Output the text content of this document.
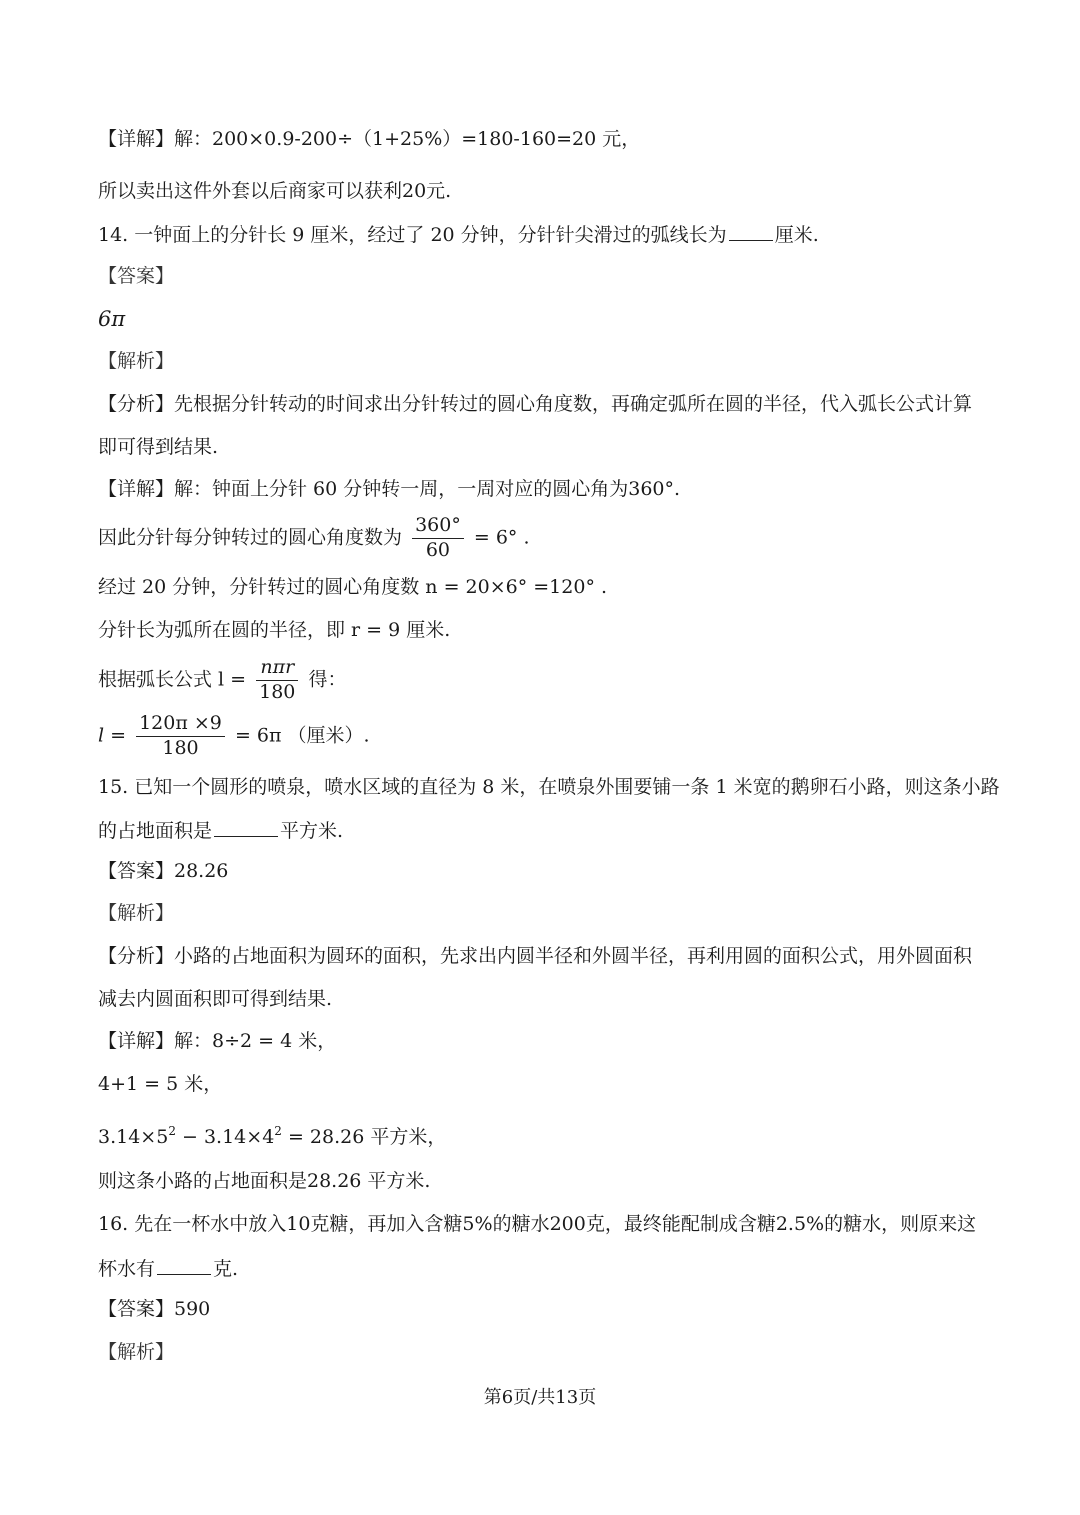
【详解】解：200×0.9-200÷（1+25%）=180-160=20 元，
所以卖出这件外套以后商家可以获利20元.
14. 一钟面上的分针长 9 厘米，经过了 20 分钟，分针针尖滑过的弧线长为	厘米.
【答案】
6π
【解析】
【分析】先根据分针转动的时间求出分针转过的圆心角度数，再确定弧所在圆的半径，代入弧长公式计算
即可得到结果.
【详解】解：钟面上分针 60 分钟转一周，一周对应的圆心角为360°.
因此分针每分钟转过的圆心角度数为 $\frac{360^\circ}{60} = 6^\circ$ .
经过 20 分钟，分针转过的圆心角度数 n = 20×6° =120° .
分针长为弧所在圆的半径，即 r = 9 厘米.
根据弧长公式 $l = \frac{\text{nπr}}{180}$ 得：
$l = \frac{120\pi \times 9}{180} = 6\pi$ （厘米）.
15. 已知一个圆形的喷泉，喷水区域的直径为 8 米，在喷泉外围要铺一条 1 米宽的鹅卵石小路，则这条小路
的占地面积是	平方米.
【答案】28.26
【解析】
【分析】小路的占地面积为圆环的面积，先求出内圆半径和外圆半径，再利用圆的面积公式，用外圆面积
减去内圆面积即可得到结果.
【详解】解：8÷2 = 4 米，
4+1 = 5 米，
$3.14\times 5^2 - 3.14\times 4^2 = 28.26$ 平方米，
则这条小路的占地面积是28.26 平方米.
16. 先在一杯水中放入10克糖，再加入含糖5%的糖水200克，最终能配制成含糖2.5%的糖水，则原来这
杯水有	克.
【答案】590
【解析】
第6页/共13页
